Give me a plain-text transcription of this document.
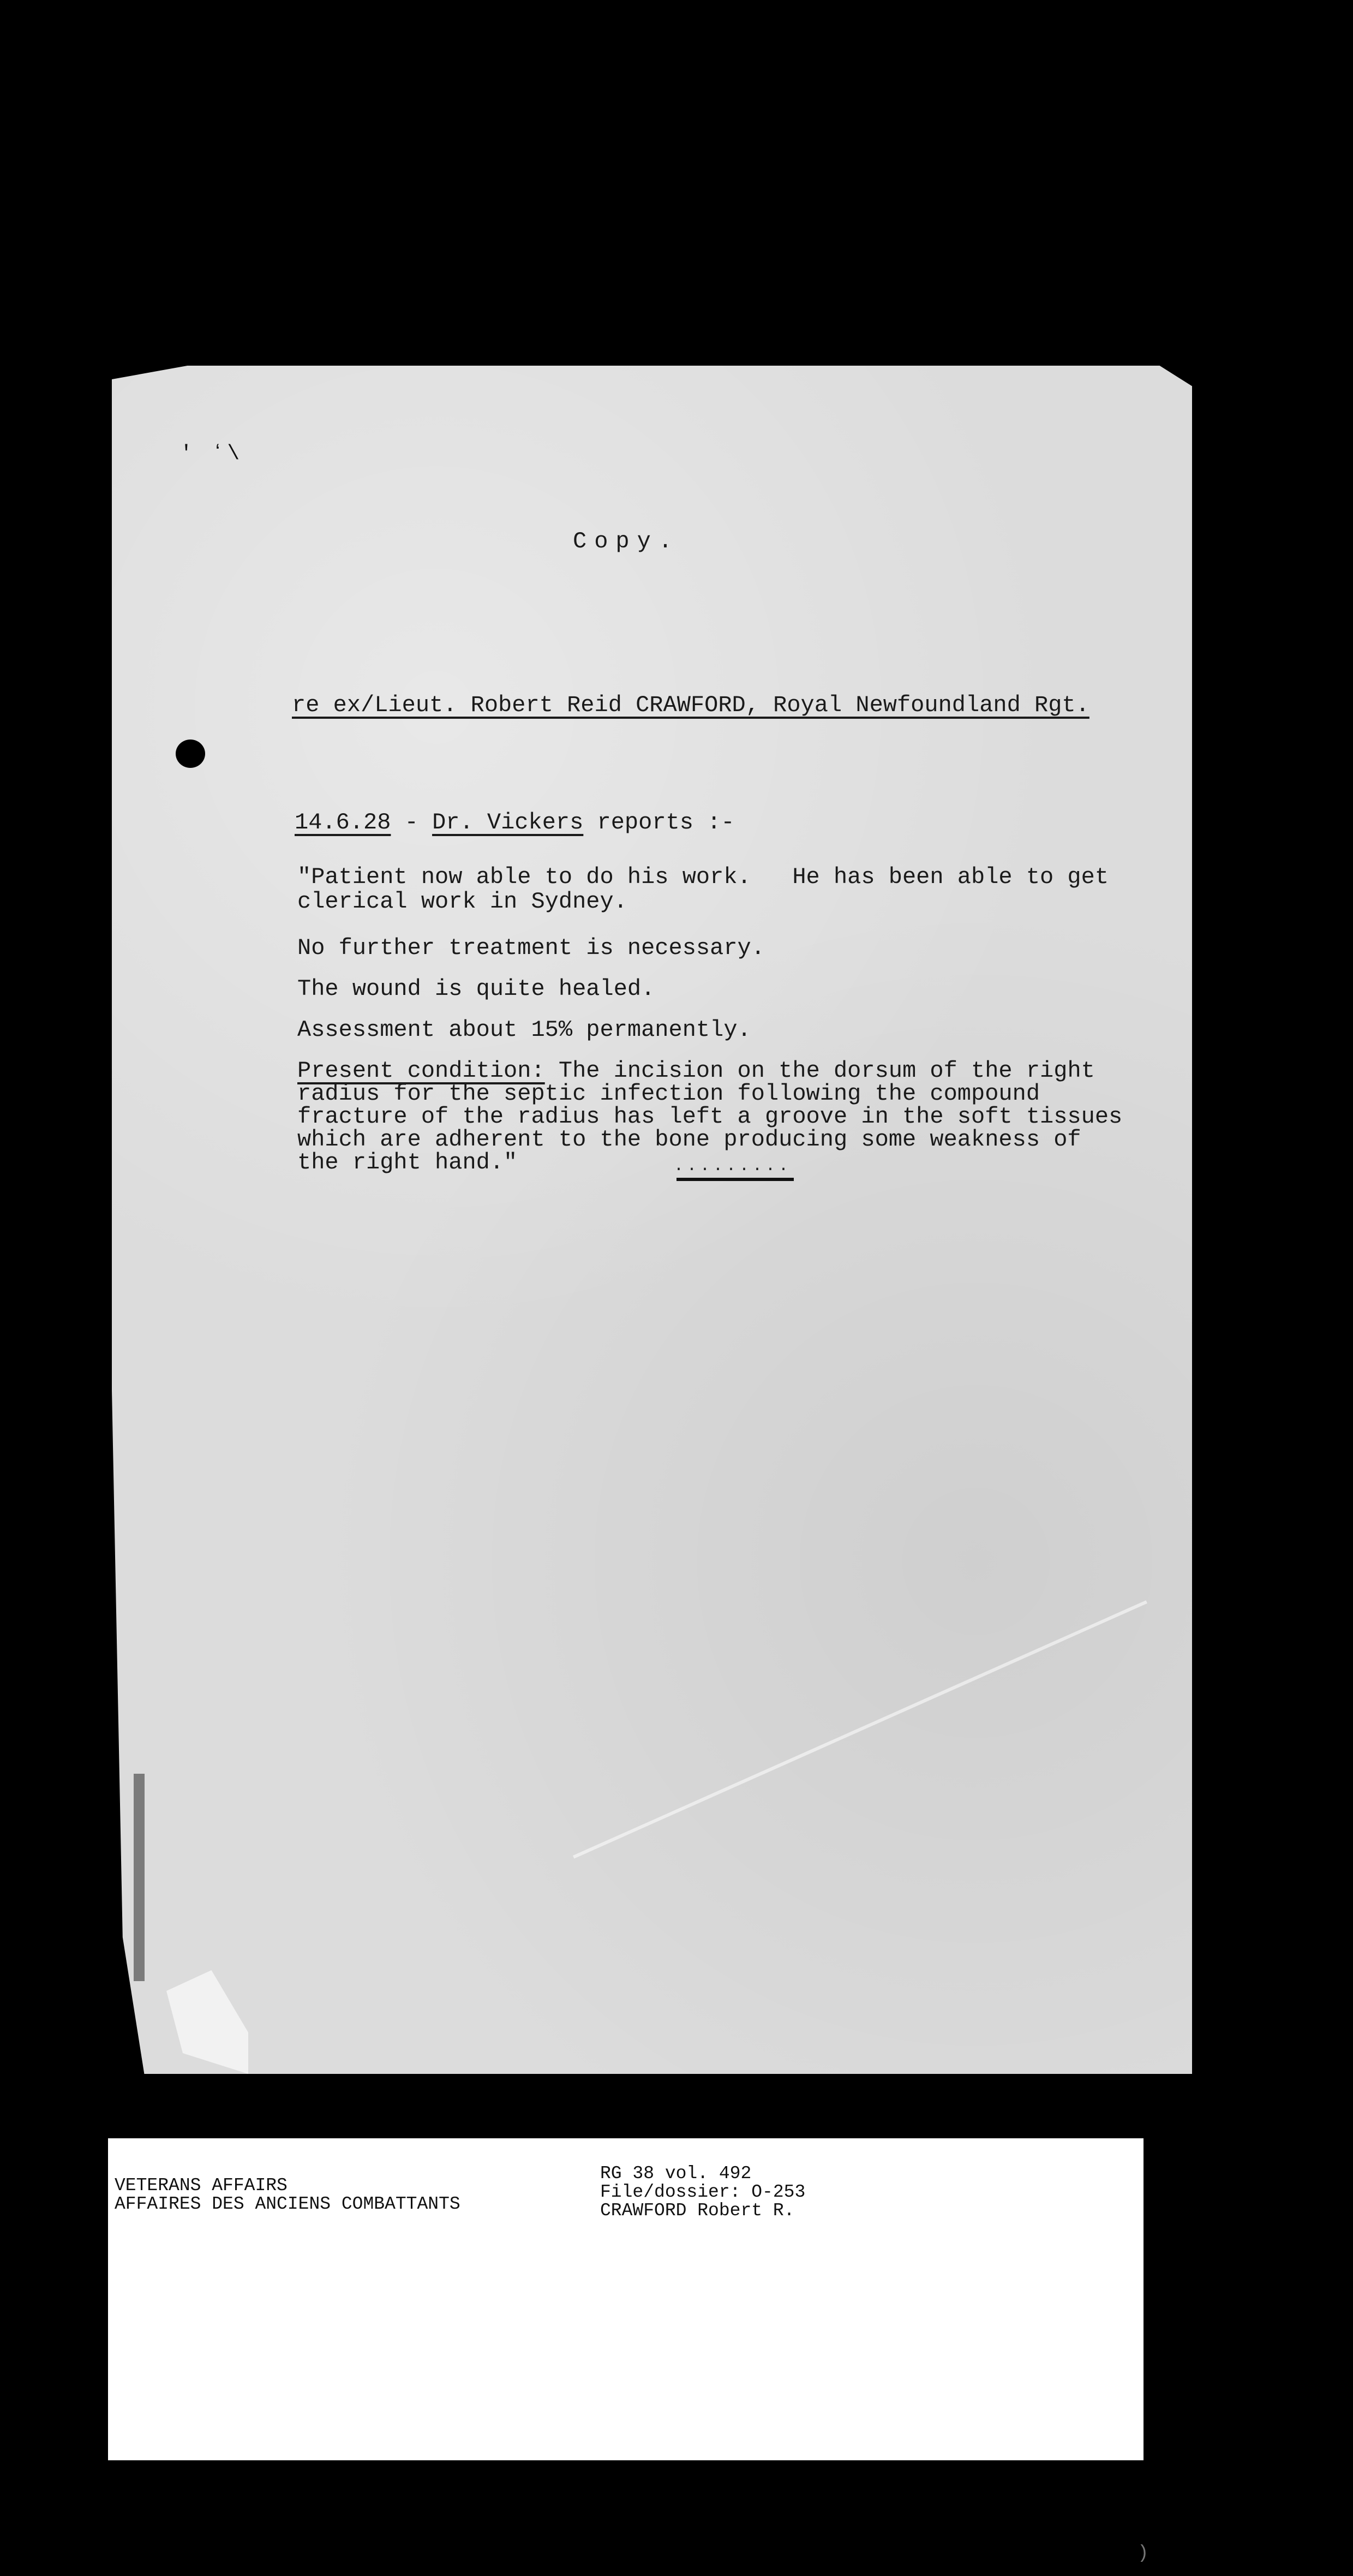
' ʻ\
Copy.
re ex/Lieut. Robert Reid CRAWFORD, Royal Newfoundland Rgt.
14.6.28 - Dr. Vickers reports :-
"Patient now able to do his work.   He has been able to get
clerical work in Sydney.
No further treatment is necessary.
The wound is quite healed.
Assessment about 15% permanently.
Present condition: The incision on the dorsum of the right
radius for the septic infection following the compound
fracture of the radius has left a groove in the soft tissues
which are adherent to the bone producing some weakness of
the right hand."	.........
VETERANS AFFAIRS
AFFAIRES DES ANCIENS COMBATTANTS
RG 38 vol. 492
File/dossier: O-253
CRAWFORD Robert R.
)
